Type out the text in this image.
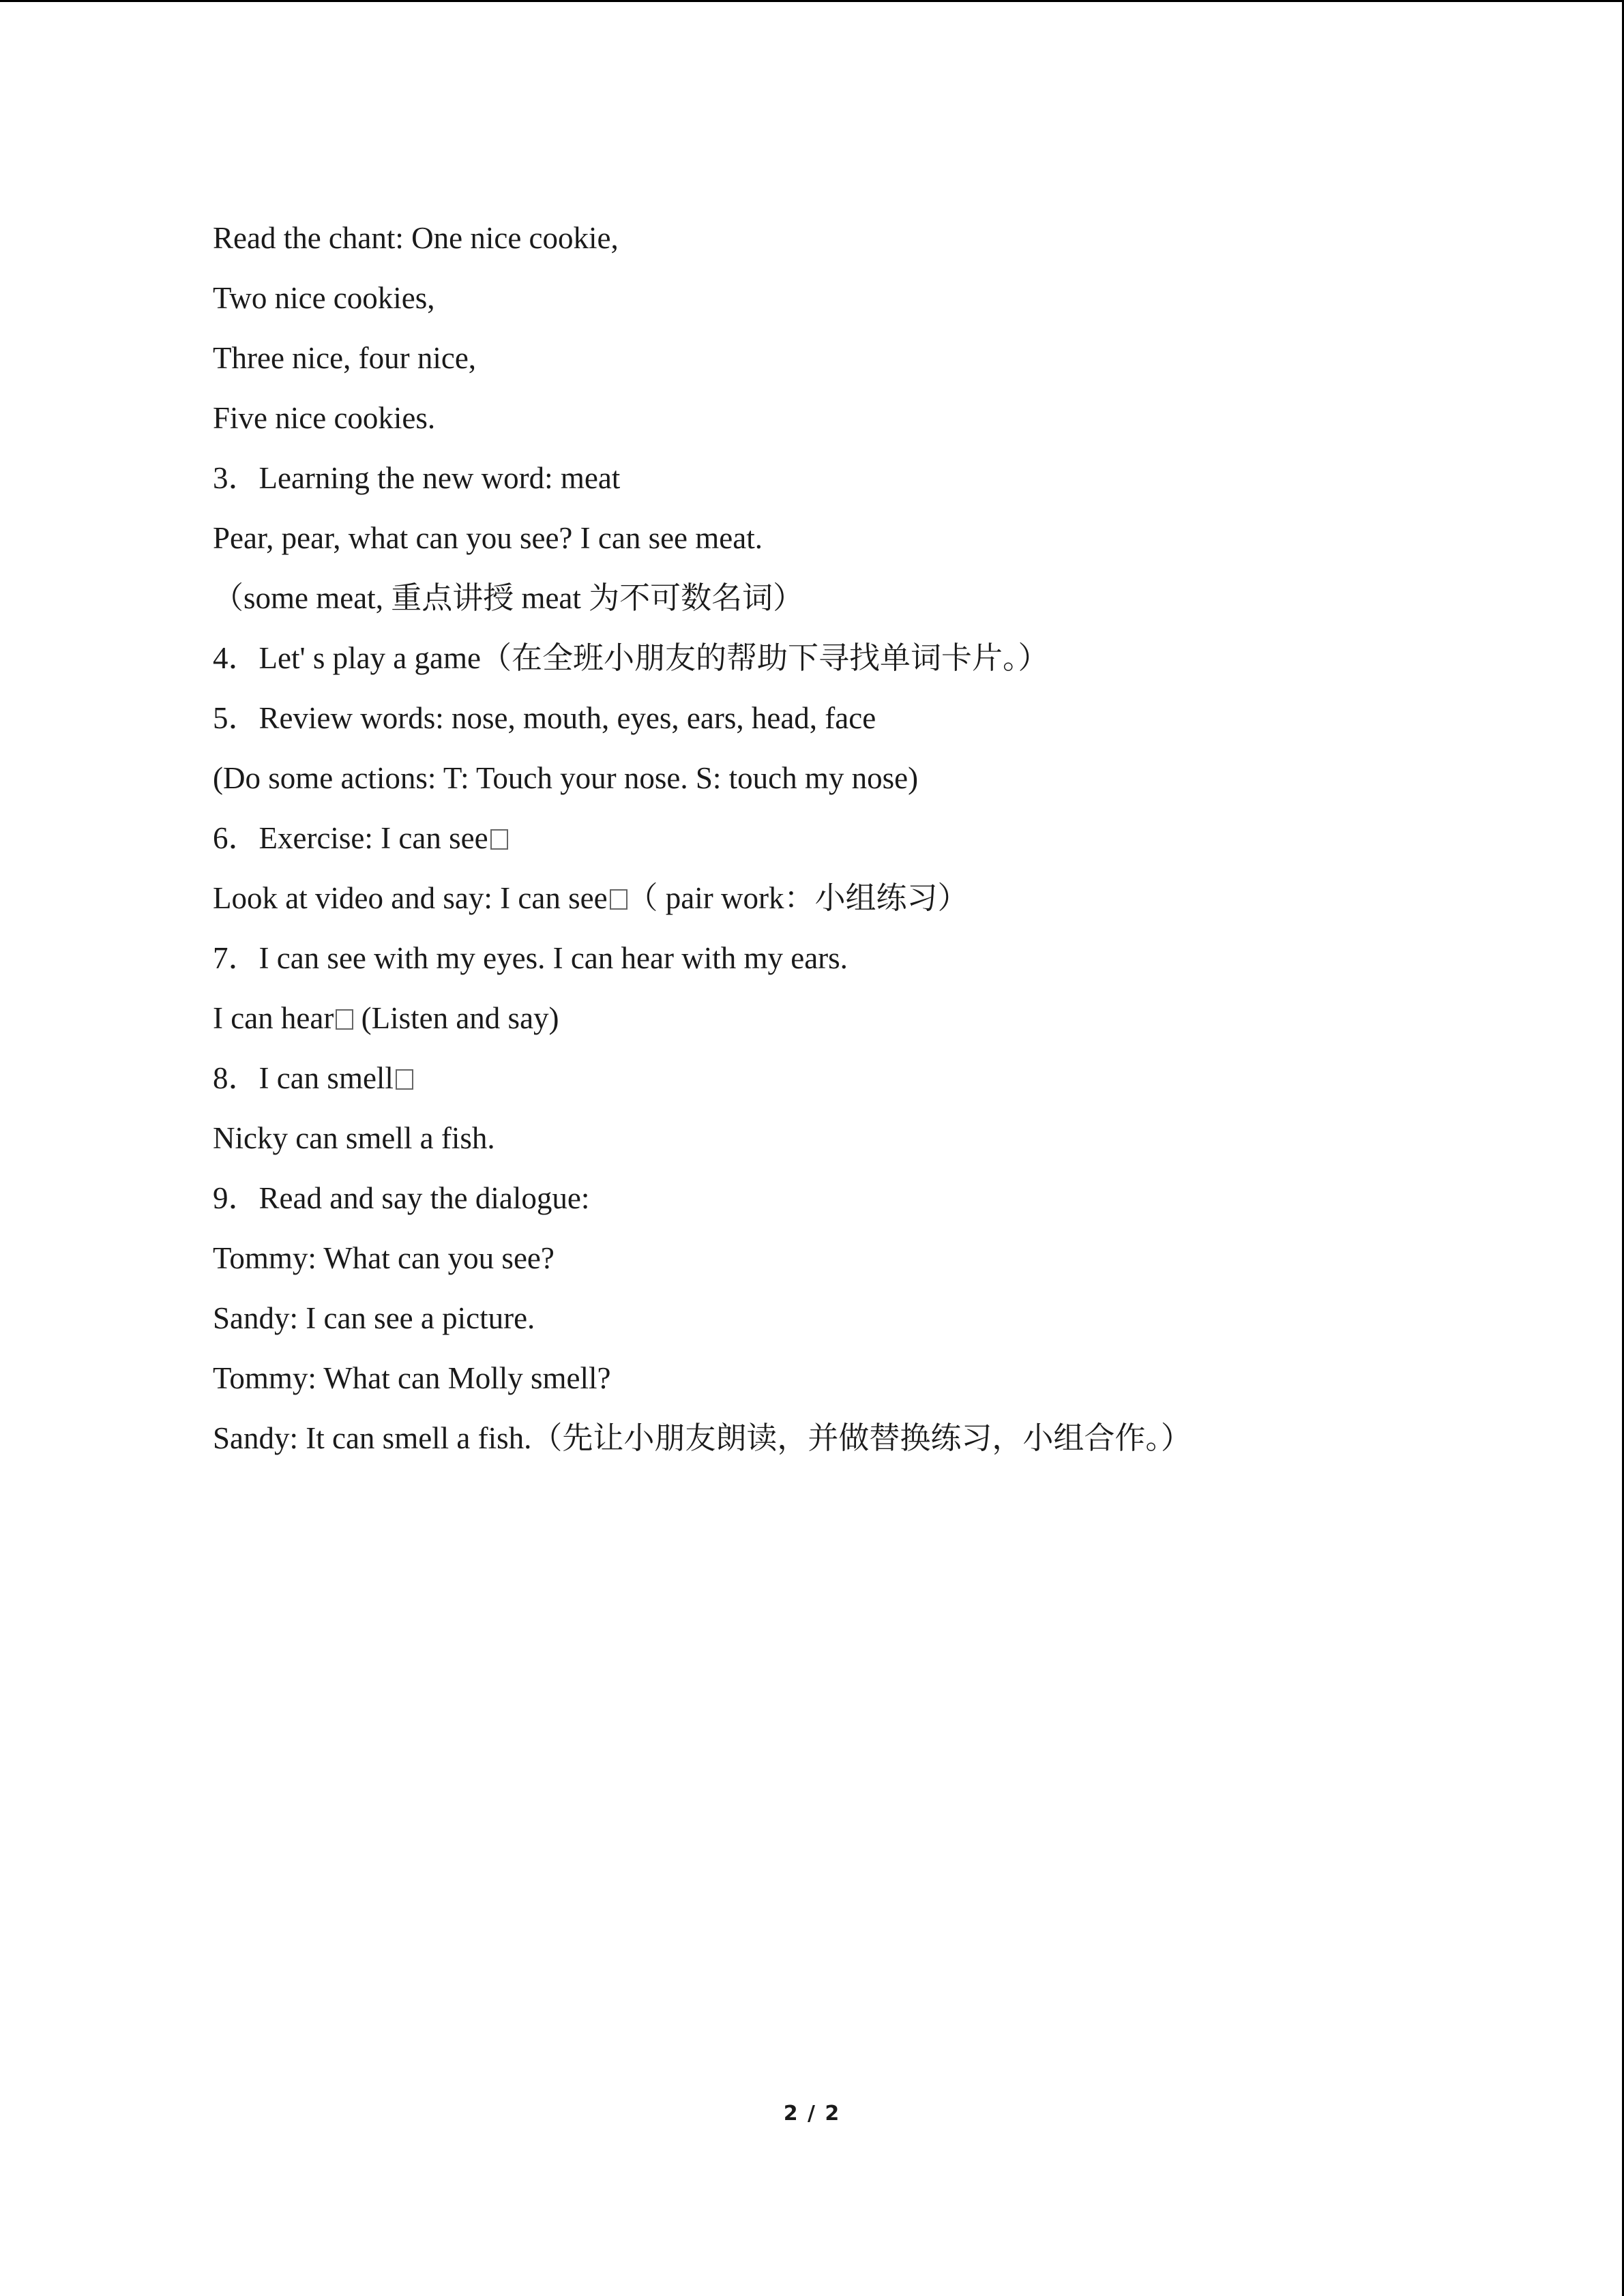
Read the chant: One nice cookie,
Two nice cookies,
Three nice, four nice,
Five nice cookies.
3．Learning the new word: meat
Pear, pear, what can you see? I can see meat.
（some meat, 重点讲授 meat 为不可数名词）
4．Let' s play a game（在全班小朋友的帮助下寻找单词卡片。）
5．Review words: nose, mouth, eyes, ears, head, face
(Do some actions: T: Touch your nose. S: touch my nose)
6．Exercise: I can see
Look at video and say: I can see （ pair work：小组练习）
7．I can see with my eyes. I can hear with my ears.
I can hear (Listen and say)
8．I can smell
Nicky can smell a fish.
9．Read and say the dialogue:
Tommy: What can you see?
Sandy: I can see a picture.
Tommy: What can Molly smell?
Sandy: It can smell a fish.（先让小朋友朗读，并做替换练习，小组合作。）
2 / 2
